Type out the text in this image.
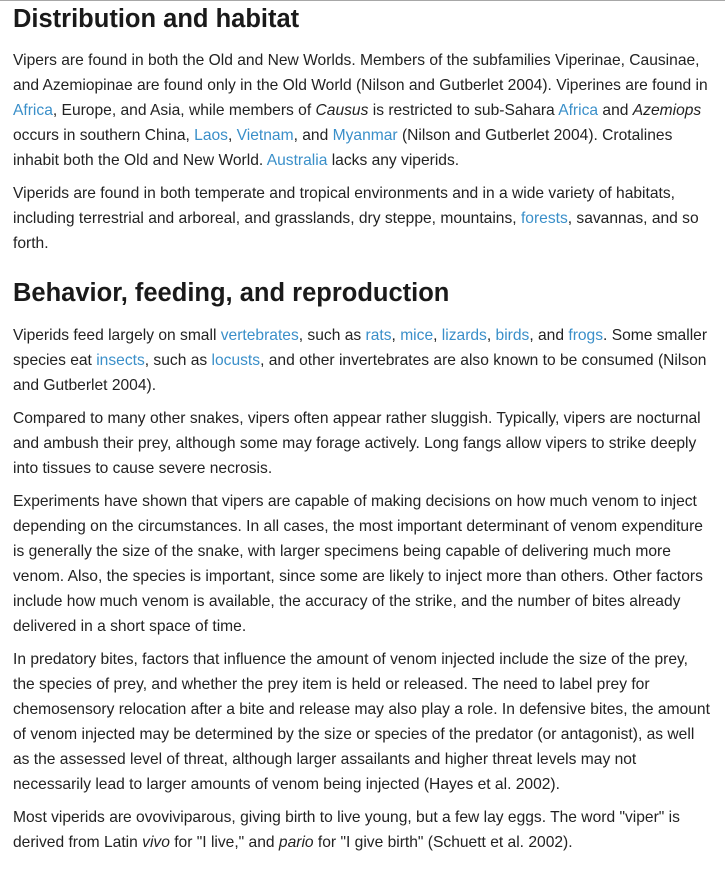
Distribution and habitat

Vipers are found in both the Old and New Worlds. Members of the subfamilies Viperinae, Causinae, and Azemiopinae are found only in the Old World (Nilson and Gutberlet 2004). Viperines are found in Africa, Europe, and Asia, while members of Causus is restricted to sub-Sahara Africa and Azemiops occurs in southern China, Laos, Vietnam, and Myanmar (Nilson and Gutberlet 2004). Crotalines inhabit both the Old and New World. Australia lacks any viperids.

Viperids are found in both temperate and tropical environments and in a wide variety of habitats, including terrestrial and arboreal, and grasslands, dry steppe, mountains, forests, savannas, and so forth.

Behavior, feeding, and reproduction

Viperids feed largely on small vertebrates, such as rats, mice, lizards, birds, and frogs. Some smaller species eat insects, such as locusts, and other invertebrates are also known to be consumed (Nilson and Gutberlet 2004).

Compared to many other snakes, vipers often appear rather sluggish. Typically, vipers are nocturnal and ambush their prey, although some may forage actively. Long fangs allow vipers to strike deeply into tissues to cause severe necrosis.

Experiments have shown that vipers are capable of making decisions on how much venom to inject depending on the circumstances. In all cases, the most important determinant of venom expenditure is generally the size of the snake, with larger specimens being capable of delivering much more venom. Also, the species is important, since some are likely to inject more than others. Other factors include how much venom is available, the accuracy of the strike, and the number of bites already delivered in a short space of time.

In predatory bites, factors that influence the amount of venom injected include the size of the prey, the species of prey, and whether the prey item is held or released. The need to label prey for chemosensory relocation after a bite and release may also play a role. In defensive bites, the amount of venom injected may be determined by the size or species of the predator (or antagonist), as well as the assessed level of threat, although larger assailants and higher threat levels may not necessarily lead to larger amounts of venom being injected (Hayes et al. 2002).

Most viperids are ovoviviparous, giving birth to live young, but a few lay eggs. The word "viper" is derived from Latin vivo for "I live," and pario for "I give birth" (Schuett et al. 2002).
